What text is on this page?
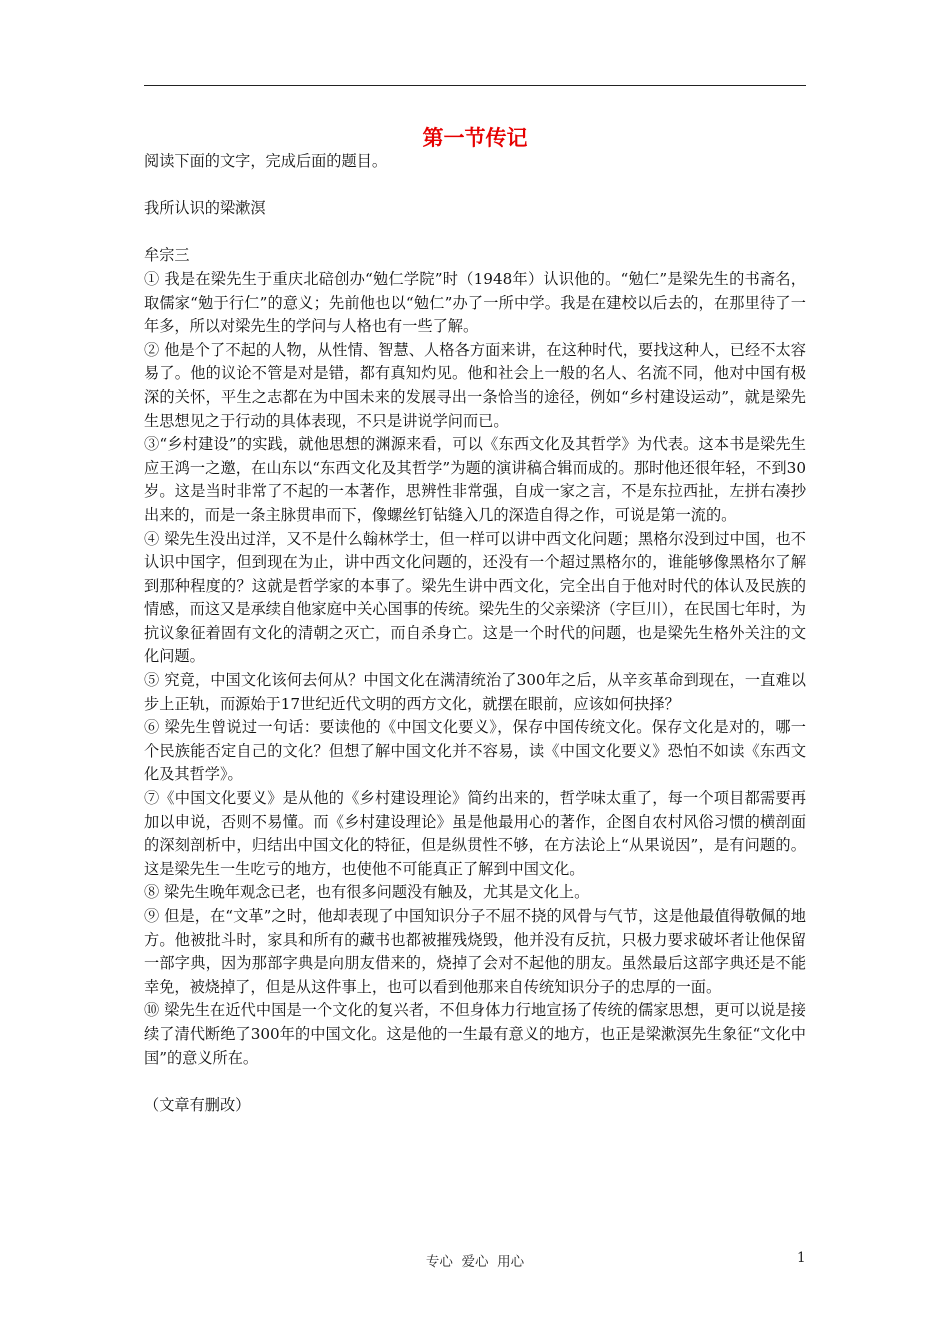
第一节传记

阅读下面的文字，完成后面的题目。

我所认识的梁漱溟

牟宗三

① 我是在梁先生于重庆北碚创办“勉仁学院”时（1948年）认识他的。“勉仁”是梁先生的书斋名，取儒家“勉于行仁”的意义；先前他也以“勉仁”办了一所中学。我是在建校以后去的，在那里待了一年多，所以对梁先生的学问与人格也有一些了解。

② 他是个了不起的人物，从性情、智慧、人格各方面来讲，在这种时代，要找这种人，已经不太容易了。他的议论不管是对是错，都有真知灼见。他和社会上一般的名人、名流不同，他对中国有极深的关怀，平生之志都在为中国未来的发展寻出一条恰当的途径，例如“乡村建设运动”，就是梁先生思想见之于行动的具体表现，不只是讲说学问而已。

③“乡村建设”的实践，就他思想的渊源来看，可以《东西文化及其哲学》为代表。这本书是梁先生应王鸿一之邀，在山东以“东西文化及其哲学”为题的演讲稿合辑而成的。那时他还很年轻，不到30岁。这是当时非常了不起的一本著作，思辨性非常强，自成一家之言，不是东拉西扯，左拼右凑抄出来的，而是一条主脉贯串而下，像螺丝钉钻缝入几的深造自得之作，可说是第一流的。

④ 梁先生没出过洋，又不是什么翰林学士，但一样可以讲中西文化问题；黑格尔没到过中国，也不认识中国字，但到现在为止，讲中西文化问题的，还没有一个超过黑格尔的，谁能够像黑格尔了解到那种程度的？这就是哲学家的本事了。梁先生讲中西文化，完全出自于他对时代的体认及民族的情感，而这又是承续自他家庭中关心国事的传统。梁先生的父亲梁济（字巨川），在民国七年时，为抗议象征着固有文化的清朝之灭亡，而自杀身亡。这是一个时代的问题，也是梁先生格外关注的文化问题。

⑤ 究竟，中国文化该何去何从？中国文化在满清统治了300年之后，从辛亥革命到现在，一直难以步上正轨，而源始于17世纪近代文明的西方文化，就摆在眼前，应该如何抉择？

⑥ 梁先生曾说过一句话：要读他的《中国文化要义》，保存中国传统文化。保存文化是对的，哪一个民族能否定自己的文化？但想了解中国文化并不容易，读《中国文化要义》恐怕不如读《东西文化及其哲学》。

⑦《中国文化要义》是从他的《乡村建设理论》简约出来的，哲学味太重了，每一个项目都需要再加以申说，否则不易懂。而《乡村建设理论》虽是他最用心的著作，企图自农村风俗习惯的横剖面的深刻剖析中，归结出中国文化的特征，但是纵贯性不够，在方法论上“从果说因”，是有问题的。这是梁先生一生吃亏的地方，也使他不可能真正了解到中国文化。

⑧ 梁先生晚年观念已老，也有很多问题没有触及，尤其是文化上。

⑨ 但是，在“文革”之时，他却表现了中国知识分子不屈不挠的风骨与气节，这是他最值得敬佩的地方。他被批斗时，家具和所有的藏书也都被摧残烧毁，他并没有反抗，只极力要求破坏者让他保留一部字典，因为那部字典是向朋友借来的，烧掉了会对不起他的朋友。虽然最后这部字典还是不能幸免，被烧掉了，但是从这件事上，也可以看到他那来自传统知识分子的忠厚的一面。

⑩ 梁先生在近代中国是一个文化的复兴者，不但身体力行地宣扬了传统的儒家思想，更可以说是接续了清代断绝了300年的中国文化。这是他的一生最有意义的地方，也正是梁漱溟先生象征“文化中国”的意义所在。

（文章有删改）

专心  爱心  用心	1
